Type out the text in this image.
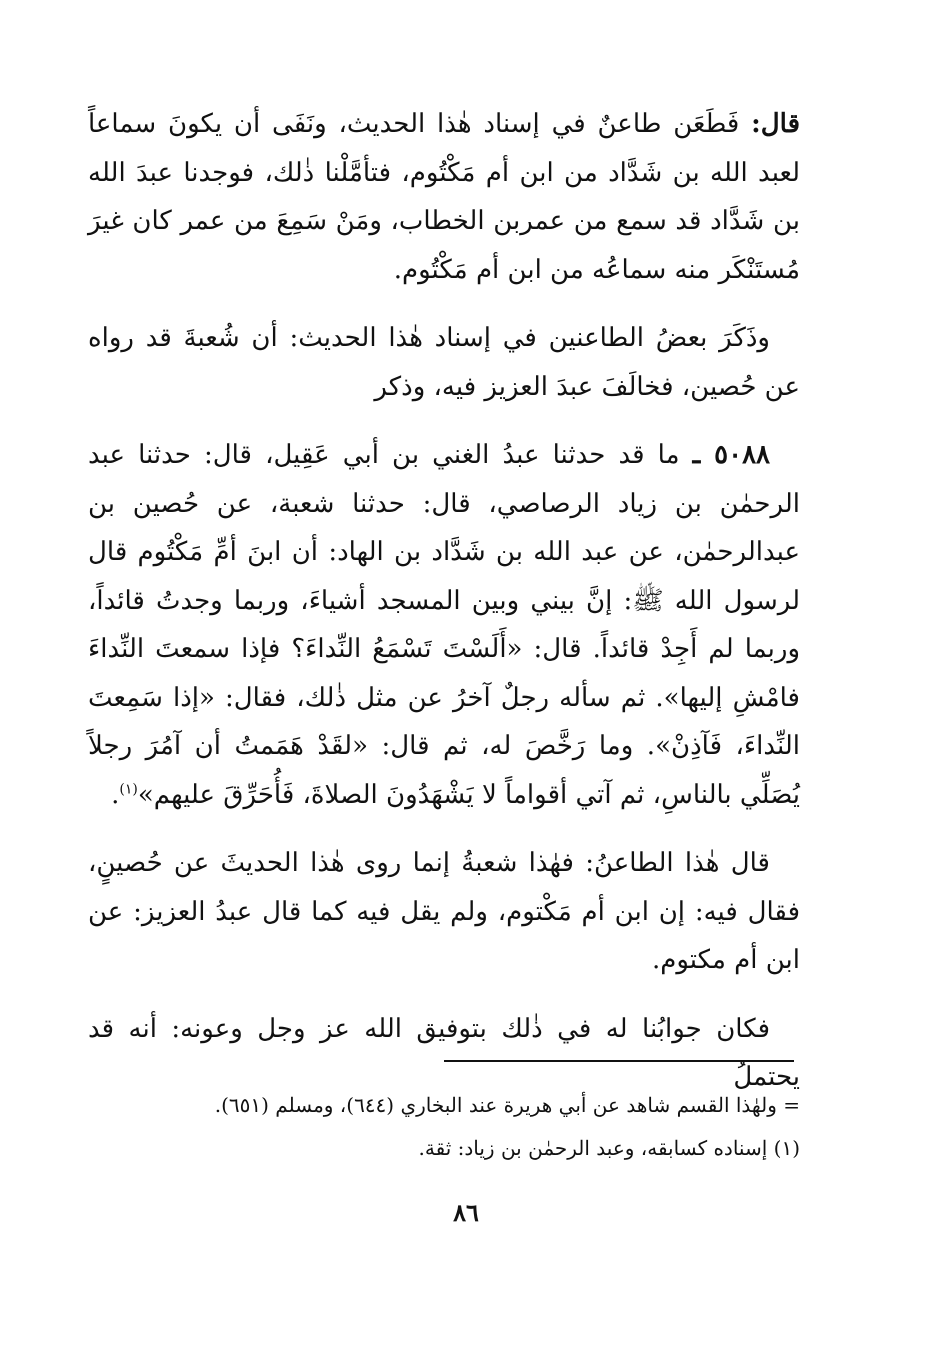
قال: فَطَعَن طاعنٌ في إسناد هٰذا الحديث، ونَفَى أن يكونَ سماعاً لعبد الله بن شَدَّاد من ابن أم مَكْتُوم، فتأمَّلْنا ذٰلك، فوجدنا عبدَ الله بن شَدَّاد قد سمع من عمربن الخطاب، ومَنْ سَمِعَ من عمر كان غيرَ مُستَنْكَر منه سماعُه من ابن أم مَكْتُوم.

وذَكَرَ بعضُ الطاعنين في إسناد هٰذا الحديث: أن شُعبةَ قد رواه عن حُصين، فخالَفَ عبدَ العزيز فيه، وذكر

٥٠٨٨ ـ ما قد حدثنا عبدُ الغني بن أبي عَقِيل، قال: حدثنا عبد الرحمٰن بن زياد الرصاصي، قال: حدثنا شعبة، عن حُصين بن عبدالرحمٰن، عن عبد الله بن شَدَّاد بن الهاد: أن ابنَ أمِّ مَكْتُوم قال لرسول الله ﷺ: إنَّ بيني وبين المسجد أشياءَ، وربما وجدتُ قائداً، وربما لم أَجِدْ قائداً. قال: «أَلَسْتَ تَسْمَعُ النِّداءَ؟ فإذا سمعتَ النِّداءَ فامْشِ إليها». ثم سأله رجلٌ آخرُ عن مثل ذٰلك، فقال: «إذا سَمِعتَ النِّداءَ، فَآذِنْ». وما رَخَّصَ له، ثم قال: «لقَدْ هَمَمتُ أن آمُرَ رجلاً يُصَلِّي بالناسِ، ثم آتي أقواماً لا يَشْهَدُونَ الصلاةَ، فَأُحَرِّقَ عليهم»$^{(١)}$.

قال هٰذا الطاعنُ: فهٰذا شعبةُ إنما روى هٰذا الحديثَ عن حُصينٍ، فقال فيه: إن ابن أم مَكْتوم، ولم يقل فيه كما قال عبدُ العزيز: عن ابن أم مكتوم.

فكان جوابُنا له في ذٰلك بتوفيق الله عز وجل وعونه: أنه قد يحتملُ

= ولهٰذا القسم شاهد عن أبي هريرة عند البخاري (٦٤٤)، ومسلم (٦٥١).

(١) إسناده كسابقه، وعبد الرحمٰن بن زياد: ثقة.

٨٦
